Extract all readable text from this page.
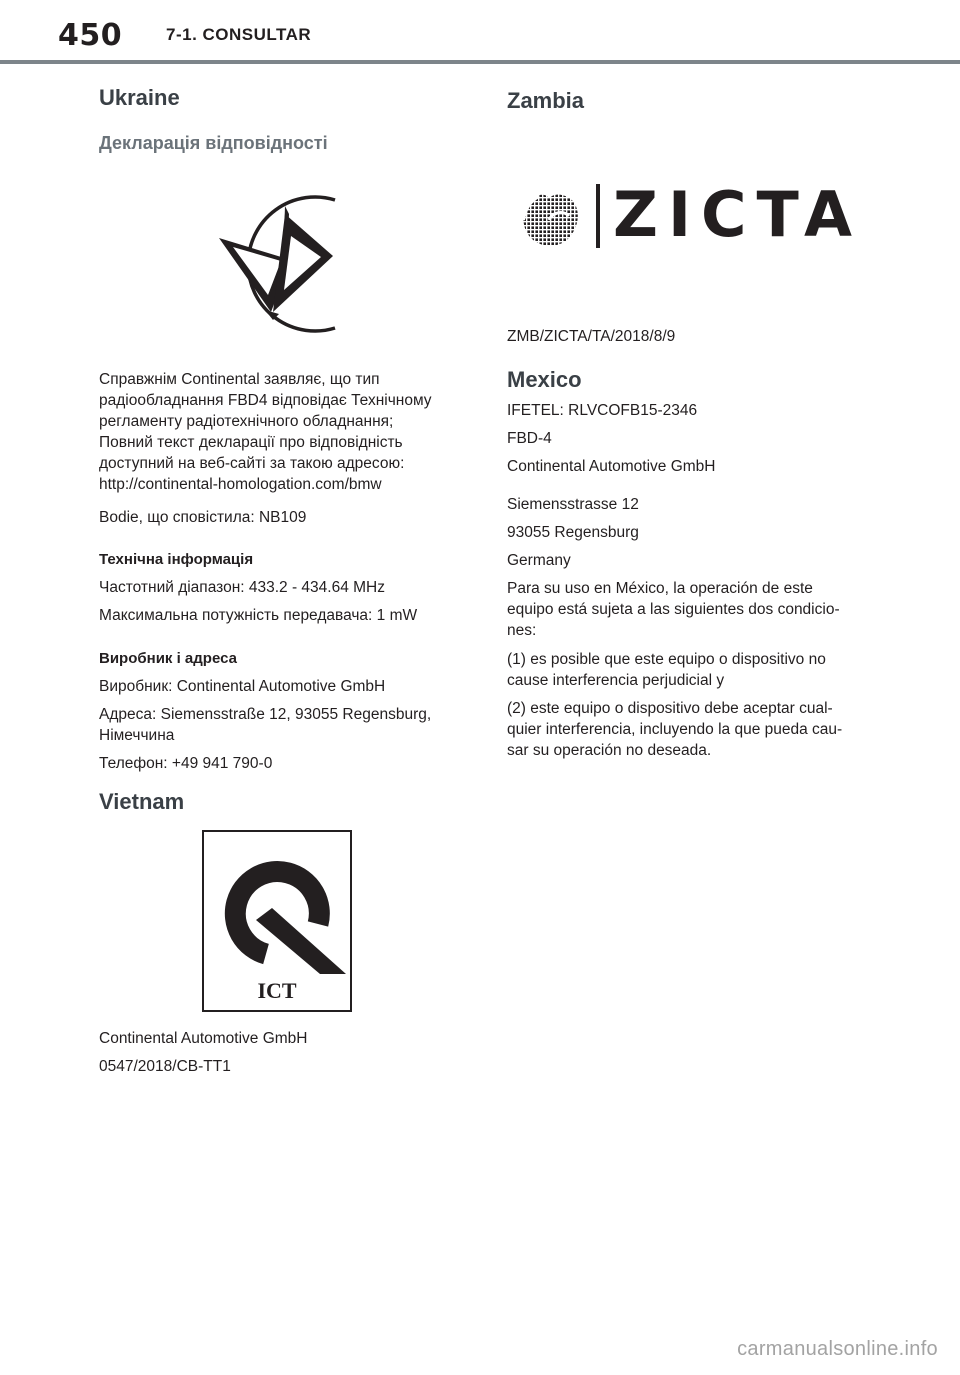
450	7-1. CONSULTAR
Ukraine
Декларація відповідності
Справжнім Continental заявляє, що тип
радіообладнання FBD4 відповідає Технічному
регламенту радіотехнічного обладнання;
Повний текст декларації про відповідність
доступний на веб-сайті за такою адресою:
http://continental-homologation.com/bmw
Bodie, що сповістила: NB109
Технічна інформація
Частотний діапазон: 433.2 - 434.64 MHz
Максимальна потужність передавача: 1 mW
Виробник і адреса
Виробник: Continental Automotive GmbH
Адреса: Siemensstraße 12, 93055 Regensburg,
Німеччина
Телефон: +49 941 790-0
Vietnam
ICT
Continental Automotive GmbH
0547/2018/CB-TT1
Zambia
ZICTA
ZMB/ZICTA/TA/2018/8/9
Mexico
IFETEL: RLVCOFB15-2346
FBD-4
Continental Automotive GmbH
Siemensstrasse 12
93055 Regensburg
Germany
Para su uso en México, la operación de este
equipo está sujeta a las siguientes dos condicio-
nes:
(1) es posible que este equipo o dispositivo no
cause interferencia perjudicial y
(2) este equipo o dispositivo debe aceptar cual-
quier interferencia, incluyendo la que pueda cau-
sar su operación no deseada.
carmanualsonline.info
